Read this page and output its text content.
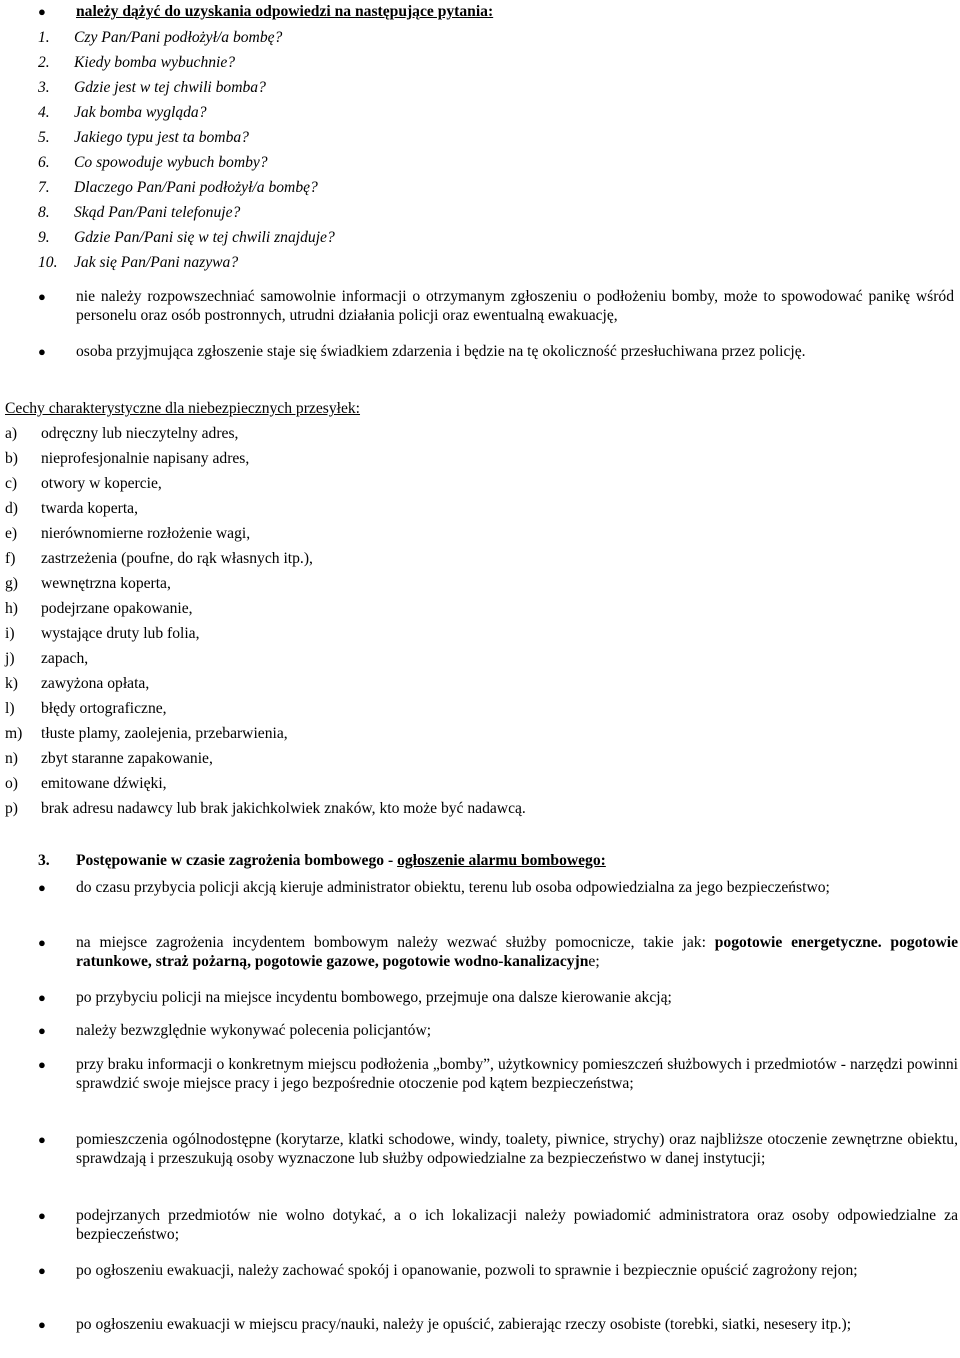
● należy dążyć do uzyskania odpowiedzi na następujące pytania:
1. Czy Pan/Pani podłożył/a bombę?
2. Kiedy bomba wybuchnie?
3. Gdzie jest w tej chwili bomba?
4. Jak bomba wygląda?
5. Jakiego typu jest ta bomba?
6. Co spowoduje wybuch bomby?
7. Dlaczego Pan/Pani podłożył/a bombę?
8. Skąd Pan/Pani telefonuje?
9. Gdzie Pan/Pani się w tej chwili znajduje?
10. Jak się Pan/Pani nazywa?
● nie należy rozpowszechniać samowolnie informacji o otrzymanym zgłoszeniu o podłożeniu bomby, może to spowodować panikę wśród personelu oraz osób postronnych, utrudni działania policji oraz ewentualną ewakuację,
● osoba przyjmująca zgłoszenie staje się świadkiem zdarzenia i będzie na tę okoliczność przesłuchiwana przez policję.
Cechy charakterystyczne dla niebezpiecznych przesyłek:
a) odręczny lub nieczytelny adres,
b) nieprofesjonalnie napisany adres,
c) otwory w kopercie,
d) twarda koperta,
e) nierównomierne rozłożenie wagi,
f) zastrzeżenia (poufne, do rąk własnych itp.),
g) wewnętrzna koperta,
h) podejrzane opakowanie,
i) wystające druty lub folia,
j) zapach,
k) zawyżona opłata,
l) błędy ortograficzne,
m) tłuste plamy, zaolejenia, przebarwienia,
n) zbyt staranne zapakowanie,
o) emitowane dźwięki,
p) brak adresu nadawcy lub brak jakichkolwiek znaków, kto może być nadawcą.
3. Postępowanie w czasie zagrożenia bombowego - ogłoszenie alarmu bombowego:
● do czasu przybycia policji akcją kieruje administrator obiektu, terenu lub osoba odpowiedzialna za jego bezpieczeństwo;
● na miejsce zagrożenia incydentem bombowym należy wezwać służby pomocnicze, takie jak: pogotowie energetyczne. pogotowie ratunkowe, straż pożarną, pogotowie gazowe, pogotowie wodno-kanalizacyjne;
● po przybyciu policji na miejsce incydentu bombowego, przejmuje ona dalsze kierowanie akcją;
● należy bezwzględnie wykonywać polecenia policjantów;
● przy braku informacji o konkretnym miejscu podłożenia „bomby”, użytkownicy pomieszczeń służbowych i przedmiotów - narzędzi powinni sprawdzić swoje miejsce pracy i jego bezpośrednie otoczenie pod kątem bezpieczeństwa;
● pomieszczenia ogólnodostępne (korytarze, klatki schodowe, windy, toalety, piwnice, strychy) oraz najbliższe otoczenie zewnętrzne obiektu, sprawdzają i przeszukują osoby wyznaczone lub służby odpowiedzialne za bezpieczeństwo w danej instytucji;
● podejrzanych przedmiotów nie wolno dotykać, a o ich lokalizacji należy powiadomić administratora oraz osoby odpowiedzialne za bezpieczeństwo;
● po ogłoszeniu ewakuacji, należy zachować spokój i opanowanie, pozwoli to sprawnie i bezpiecznie opuścić zagrożony rejon;
● po ogłoszeniu ewakuacji w miejscu pracy/nauki, należy je opuścić, zabierając rzeczy osobiste (torebki, siatki, nesesery itp.);
